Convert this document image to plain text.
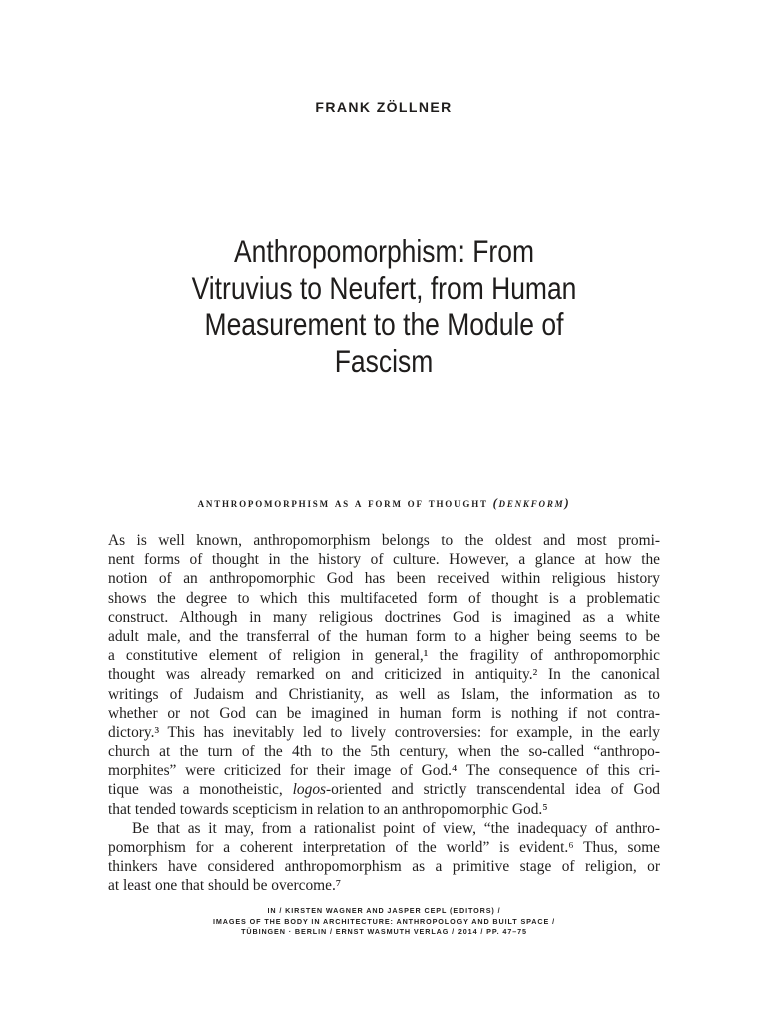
FRANK ZÖLLNER
Anthropomorphism: From
Vitruvius to Neufert, from Human
Measurement to the Module of
Fascism
anthropomorphism as a form of thought (denkform)
As is well known, anthropomorphism belongs to the oldest and most promi-
nent forms of thought in the history of culture. However, a glance at how the
notion of an anthropomorphic God has been received within religious history
shows the degree to which this multifaceted form of thought is a problematic
construct. Although in many religious doctrines God is imagined as a white
adult male, and the transferral of the human form to a higher being seems to be
a constitutive element of religion in general,¹ the fragility of anthropomorphic
thought was already remarked on and criticized in antiquity.² In the canonical
writings of Judaism and Christianity, as well as Islam, the information as to
whether or not God can be imagined in human form is nothing if not contra-
dictory.³ This has inevitably led to lively controversies: for example, in the early
church at the turn of the 4th to the 5th century, when the so-called “anthropo-
morphites” were criticized for their image of God.⁴ The consequence of this cri-
tique was a monotheistic, logos-oriented and strictly transcendental idea of God
that tended towards scepticism in relation to an anthropomorphic God.⁵
Be that as it may, from a rationalist point of view, “the inadequacy of anthro-
pomorphism for a coherent interpretation of the world” is evident.⁶ Thus, some
thinkers have considered anthropomorphism as a primitive stage of religion, or
at least one that should be overcome.⁷
IN / KIRSTEN WAGNER AND JASPER CEPL (EDITORS) /
IMAGES OF THE BODY IN ARCHITECTURE: ANTHROPOLOGY AND BUILT SPACE /
TÜBINGEN · BERLIN / ERNST WASMUTH VERLAG / 2014 / PP. 47–75
